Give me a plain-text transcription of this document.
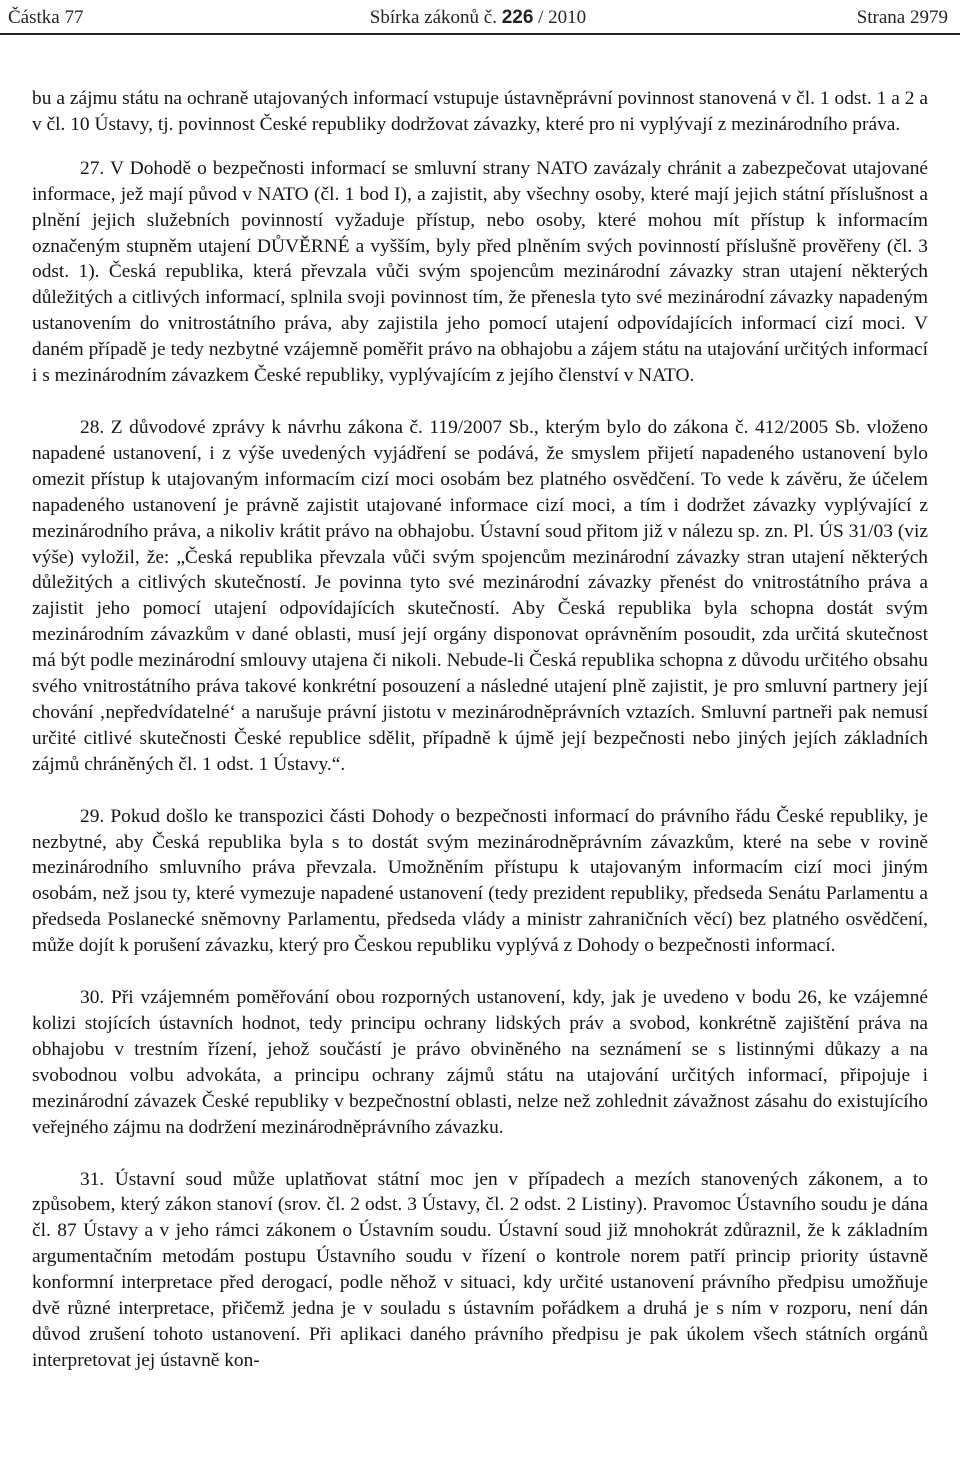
Částka 77	Sbírka zákonů č. 226 / 2010	Strana 2979

bu a zájmu státu na ochraně utajovaných informací vstupuje ústavněprávní povinnost stanovená v čl. 1 odst. 1 a 2 a v čl. 10 Ústavy, tj. povinnost České republiky dodržovat závazky, které pro ni vyplývají z mezinárodního práva.

27. V Dohodě o bezpečnosti informací se smluvní strany NATO zavázaly chránit a zabezpečovat utajované informace, jež mají původ v NATO (čl. 1 bod I), a zajistit, aby všechny osoby, které mají jejich státní příslušnost a plnění jejich služebních povinností vyžaduje přístup, nebo osoby, které mohou mít přístup k informacím označeným stupněm utajení DŮVĚRNÉ a vyšším, byly před plněním svých povinností příslušně prověřeny (čl. 3 odst. 1). Česká republika, která převzala vůči svým spojencům mezinárodní závazky stran utajení některých důležitých a citlivých informací, splnila svoji povinnost tím, že přenesla tyto své mezinárodní závazky napadeným ustanovením do vnitrostátního práva, aby zajistila jeho pomocí utajení odpovídajících informací cizí moci. V daném případě je tedy nezbytné vzájemně poměřit právo na obhajobu a zájem státu na utajování určitých informací i s mezinárodním závazkem České republiky, vyplývajícím z jejího členství v NATO.

28. Z důvodové zprávy k návrhu zákona č. 119/2007 Sb., kterým bylo do zákona č. 412/2005 Sb. vloženo napadené ustanovení, i z výše uvedených vyjádření se podává, že smyslem přijetí napadeného ustanovení bylo omezit přístup k utajovaným informacím cizí moci osobám bez platného osvědčení. To vede k závěru, že účelem napadeného ustanovení je právně zajistit utajované informace cizí moci, a tím i dodržet závazky vyplývající z mezinárodního práva, a nikoliv krátit právo na obhajobu. Ústavní soud přitom již v nálezu sp. zn. Pl. ÚS 31/03 (viz výše) vyložil, že: „Česká republika převzala vůči svým spojencům mezinárodní závazky stran utajení některých důležitých a citlivých skutečností. Je povinna tyto své mezinárodní závazky přenést do vnitrostátního práva a zajistit jeho pomocí utajení odpovídajících skutečností. Aby Česká republika byla schopna dostát svým mezinárodním závazkům v dané oblasti, musí její orgány disponovat oprávněním posoudit, zda určitá skutečnost má být podle mezinárodní smlouvy utajena či nikoli. Nebude-li Česká republika schopna z důvodu určitého obsahu svého vnitrostátního práva takové konkrétní posouzení a následné utajení plně zajistit, je pro smluvní partnery její chování ‚nepředvídatelné‘ a narušuje právní jistotu v mezinárodněprávních vztazích. Smluvní partneři pak nemusí určité citlivé skutečnosti České republice sdělit, případně k újmě její bezpečnosti nebo jiných jejích základních zájmů chráněných čl. 1 odst. 1 Ústavy.“.

29. Pokud došlo ke transpozici části Dohody o bezpečnosti informací do právního řádu České republiky, je nezbytné, aby Česká republika byla s to dostát svým mezinárodněprávním závazkům, které na sebe v rovině mezinárodního smluvního práva převzala. Umožněním přístupu k utajovaným informacím cizí moci jiným osobám, než jsou ty, které vymezuje napadené ustanovení (tedy prezident republiky, předseda Senátu Parlamentu a předseda Poslanecké sněmovny Parlamentu, předseda vlády a ministr zahraničních věcí) bez platného osvědčení, může dojít k porušení závazku, který pro Českou republiku vyplývá z Dohody o bezpečnosti informací.

30. Při vzájemném poměřování obou rozporných ustanovení, kdy, jak je uvedeno v bodu 26, ke vzájemné kolizi stojících ústavních hodnot, tedy principu ochrany lidských práv a svobod, konkrétně zajištění práva na obhajobu v trestním řízení, jehož součástí je právo obviněného na seznámení se s listinnými důkazy a na svobodnou volbu advokáta, a principu ochrany zájmů státu na utajování určitých informací, připojuje i mezinárodní závazek České republiky v bezpečnostní oblasti, nelze než zohlednit závažnost zásahu do existujícího veřejného zájmu na dodržení mezinárodněprávního závazku.

31. Ústavní soud může uplatňovat státní moc jen v případech a mezích stanovených zákonem, a to způsobem, který zákon stanoví (srov. čl. 2 odst. 3 Ústavy, čl. 2 odst. 2 Listiny). Pravomoc Ústavního soudu je dána čl. 87 Ústavy a v jeho rámci zákonem o Ústavním soudu. Ústavní soud již mnohokrát zdůraznil, že k základním argumentačním metodám postupu Ústavního soudu v řízení o kontrole norem patří princip priority ústavně konformní interpretace před derogací, podle něhož v situaci, kdy určité ustanovení právního předpisu umožňuje dvě různé interpretace, přičemž jedna je v souladu s ústavním pořádkem a druhá je s ním v rozporu, není dán důvod zrušení tohoto ustanovení. Při aplikaci daného právního předpisu je pak úkolem všech státních orgánů interpretovat jej ústavně kon-
